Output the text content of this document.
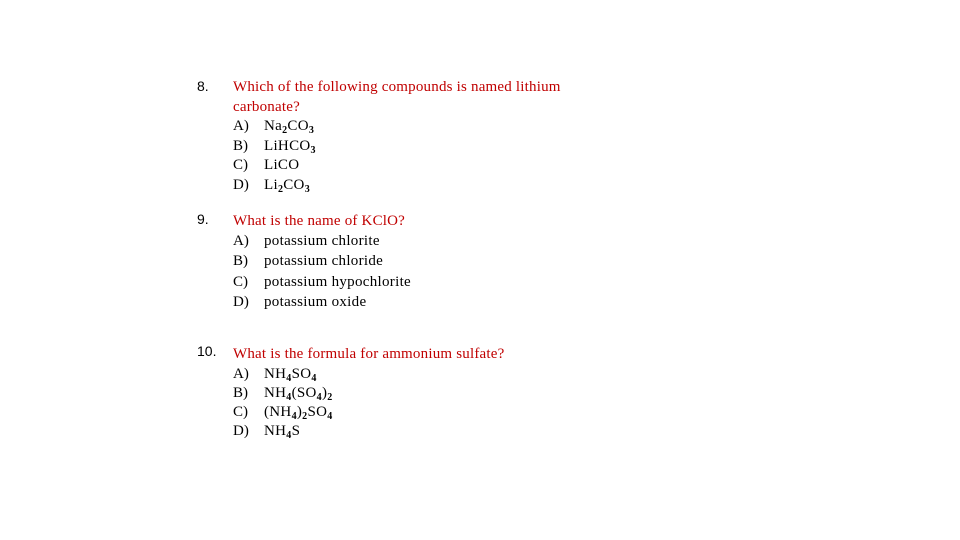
8. Which of the following compounds is named lithium
carbonate?
A)	$Na_2CO_3$
B)	LiHCO$_3$
C)	LiCO
D)	$Li_2CO_3$
9. What is the name of KClO?
A)	potassium chlorite
B)	potassium chloride
C)	potassium hypochlorite
D)	potassium oxide
10. What is the formula for ammonium sulfate?
A)	$NH_4SO_4$
B)	$NH_4(SO_4)_2$
C)	$(NH_4)_2SO_4$
D)	$NH_4S$
